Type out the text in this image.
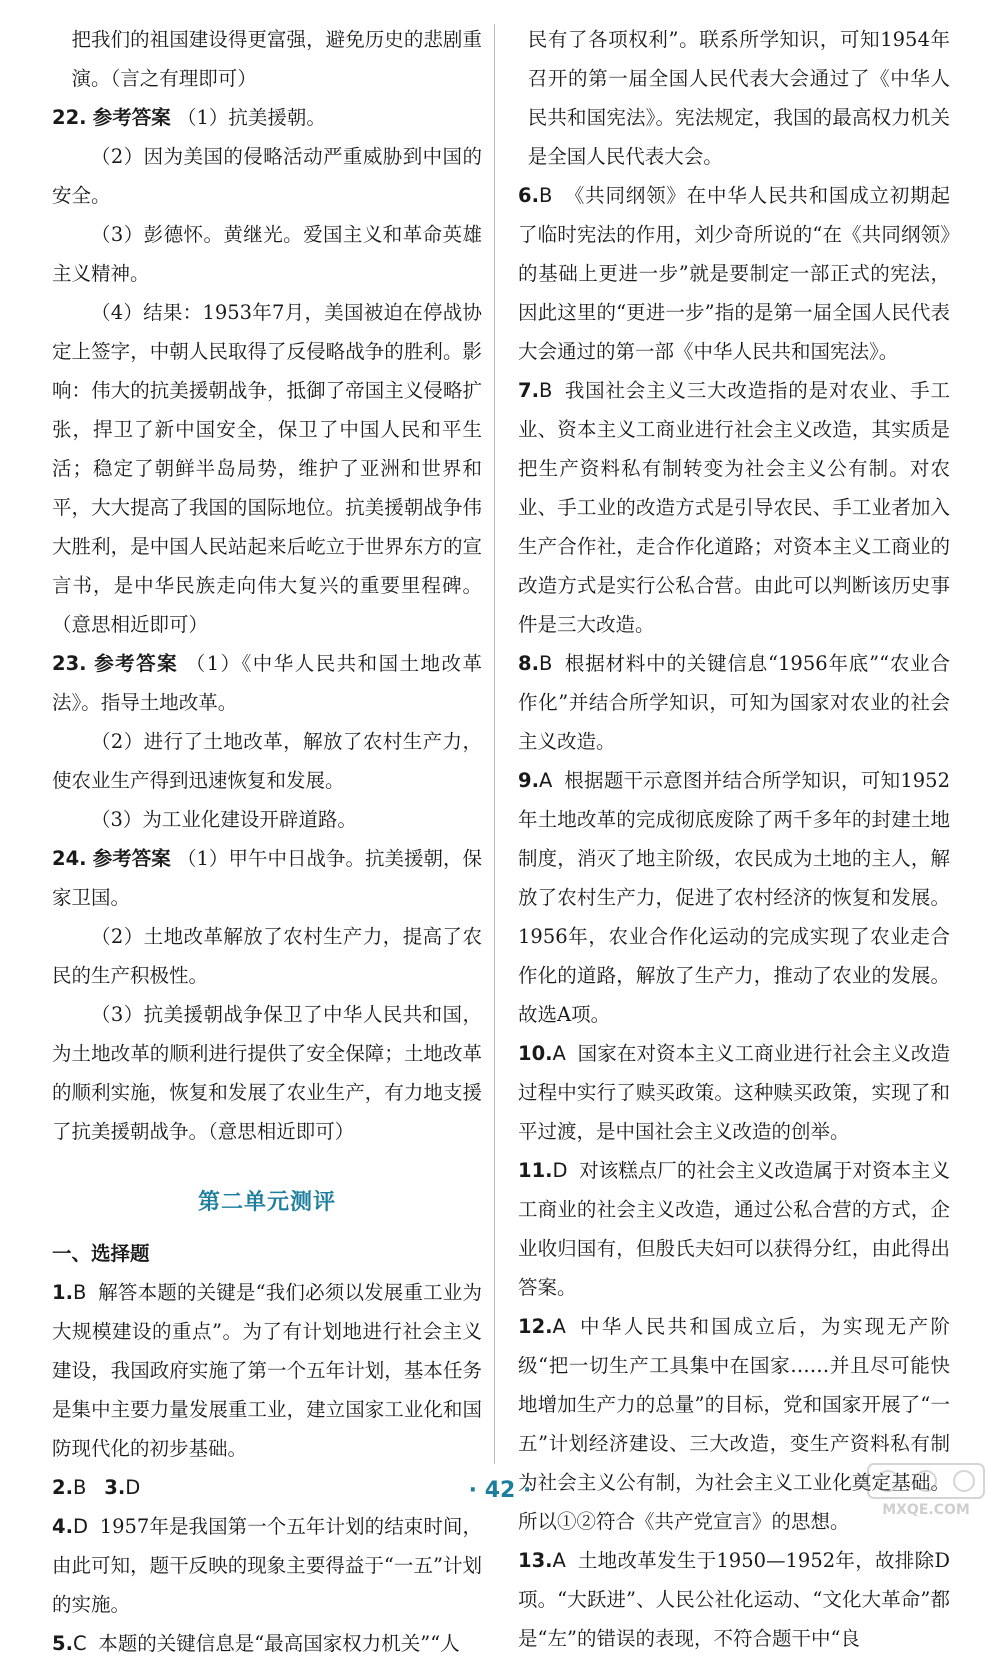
把我们的祖国建设得更富强，避免历史的悲剧重演。（言之有理即可）

22. 参考答案 （1）抗美援朝。

（2）因为美国的侵略活动严重威胁到中国的安全。

（3）彭德怀。黄继光。爱国主义和革命英雄主义精神。

（4）结果：1953年7月，美国被迫在停战协定上签字，中朝人民取得了反侵略战争的胜利。影响：伟大的抗美援朝战争，抵御了帝国主义侵略扩张，捍卫了新中国安全，保卫了中国人民和平生活；稳定了朝鲜半岛局势，维护了亚洲和世界和平，大大提高了我国的国际地位。抗美援朝战争伟大胜利，是中国人民站起来后屹立于世界东方的宣言书，是中华民族走向伟大复兴的重要里程碑。（意思相近即可）

23. 参考答案 （1）《中华人民共和国土地改革法》。指导土地改革。

（2）进行了土地改革，解放了农村生产力，使农业生产得到迅速恢复和发展。

（3）为工业化建设开辟道路。

24. 参考答案 （1）甲午中日战争。抗美援朝，保家卫国。

（2）土地改革解放了农村生产力，提高了农民的生产积极性。

（3）抗美援朝战争保卫了中华人民共和国，为土地改革的顺利进行提供了安全保障；土地改革的顺利实施，恢复和发展了农业生产，有力地支援了抗美援朝战争。（意思相近即可）

第二单元测评

一、选择题

1.B 解答本题的关键是“我们必须以发展重工业为大规模建设的重点”。为了有计划地进行社会主义建设，我国政府实施了第一个五年计划，基本任务是集中主要力量发展重工业，建立国家工业化和国防现代化的初步基础。

2.B 3.D

4.D 1957年是我国第一个五年计划的结束时间，由此可知，题干反映的现象主要得益于“一五”计划的实施。

5.C 本题的关键信息是“最高国家权力机关”“人

民有了各项权利”。联系所学知识，可知1954年召开的第一届全国人民代表大会通过了《中华人民共和国宪法》。宪法规定，我国的最高权力机关是全国人民代表大会。

6.B 《共同纲领》在中华人民共和国成立初期起了临时宪法的作用，刘少奇所说的“在《共同纲领》的基础上更进一步”就是要制定一部正式的宪法，因此这里的“更进一步”指的是第一届全国人民代表大会通过的第一部《中华人民共和国宪法》。

7.B 我国社会主义三大改造指的是对农业、手工业、资本主义工商业进行社会主义改造，其实质是把生产资料私有制转变为社会主义公有制。对农业、手工业的改造方式是引导农民、手工业者加入生产合作社，走合作化道路；对资本主义工商业的改造方式是实行公私合营。由此可以判断该历史事件是三大改造。

8.B 根据材料中的关键信息“1956年底”“农业合作化”并结合所学知识，可知为国家对农业的社会主义改造。

9.A 根据题干示意图并结合所学知识，可知1952年土地改革的完成彻底废除了两千多年的封建土地制度，消灭了地主阶级，农民成为土地的主人，解放了农村生产力，促进了农村经济的恢复和发展。1956年，农业合作化运动的完成实现了农业走合作化的道路，解放了生产力，推动了农业的发展。故选A项。

10.A 国家在对资本主义工商业进行社会主义改造过程中实行了赎买政策。这种赎买政策，实现了和平过渡，是中国社会主义改造的创举。

11.D 对该糕点厂的社会主义改造属于对资本主义工商业的社会主义改造，通过公私合营的方式，企业收归国有，但殷氏夫妇可以获得分红，由此得出答案。

12.A 中华人民共和国成立后，为实现无产阶级“把一切生产工具集中在国家……并且尽可能快地增加生产力的总量”的目标，党和国家开展了“一五”计划经济建设、三大改造，变生产资料私有制为社会主义公有制，为社会主义工业化奠定基础。所以①②符合《共产党宣言》的思想。

13.A 土地改革发生于1950—1952年，故排除D项。“大跃进”、人民公社化运动、“文化大革命”都是“左”的错误的表现，不符合题干中“良

· 42 ·
MXQE.COM
